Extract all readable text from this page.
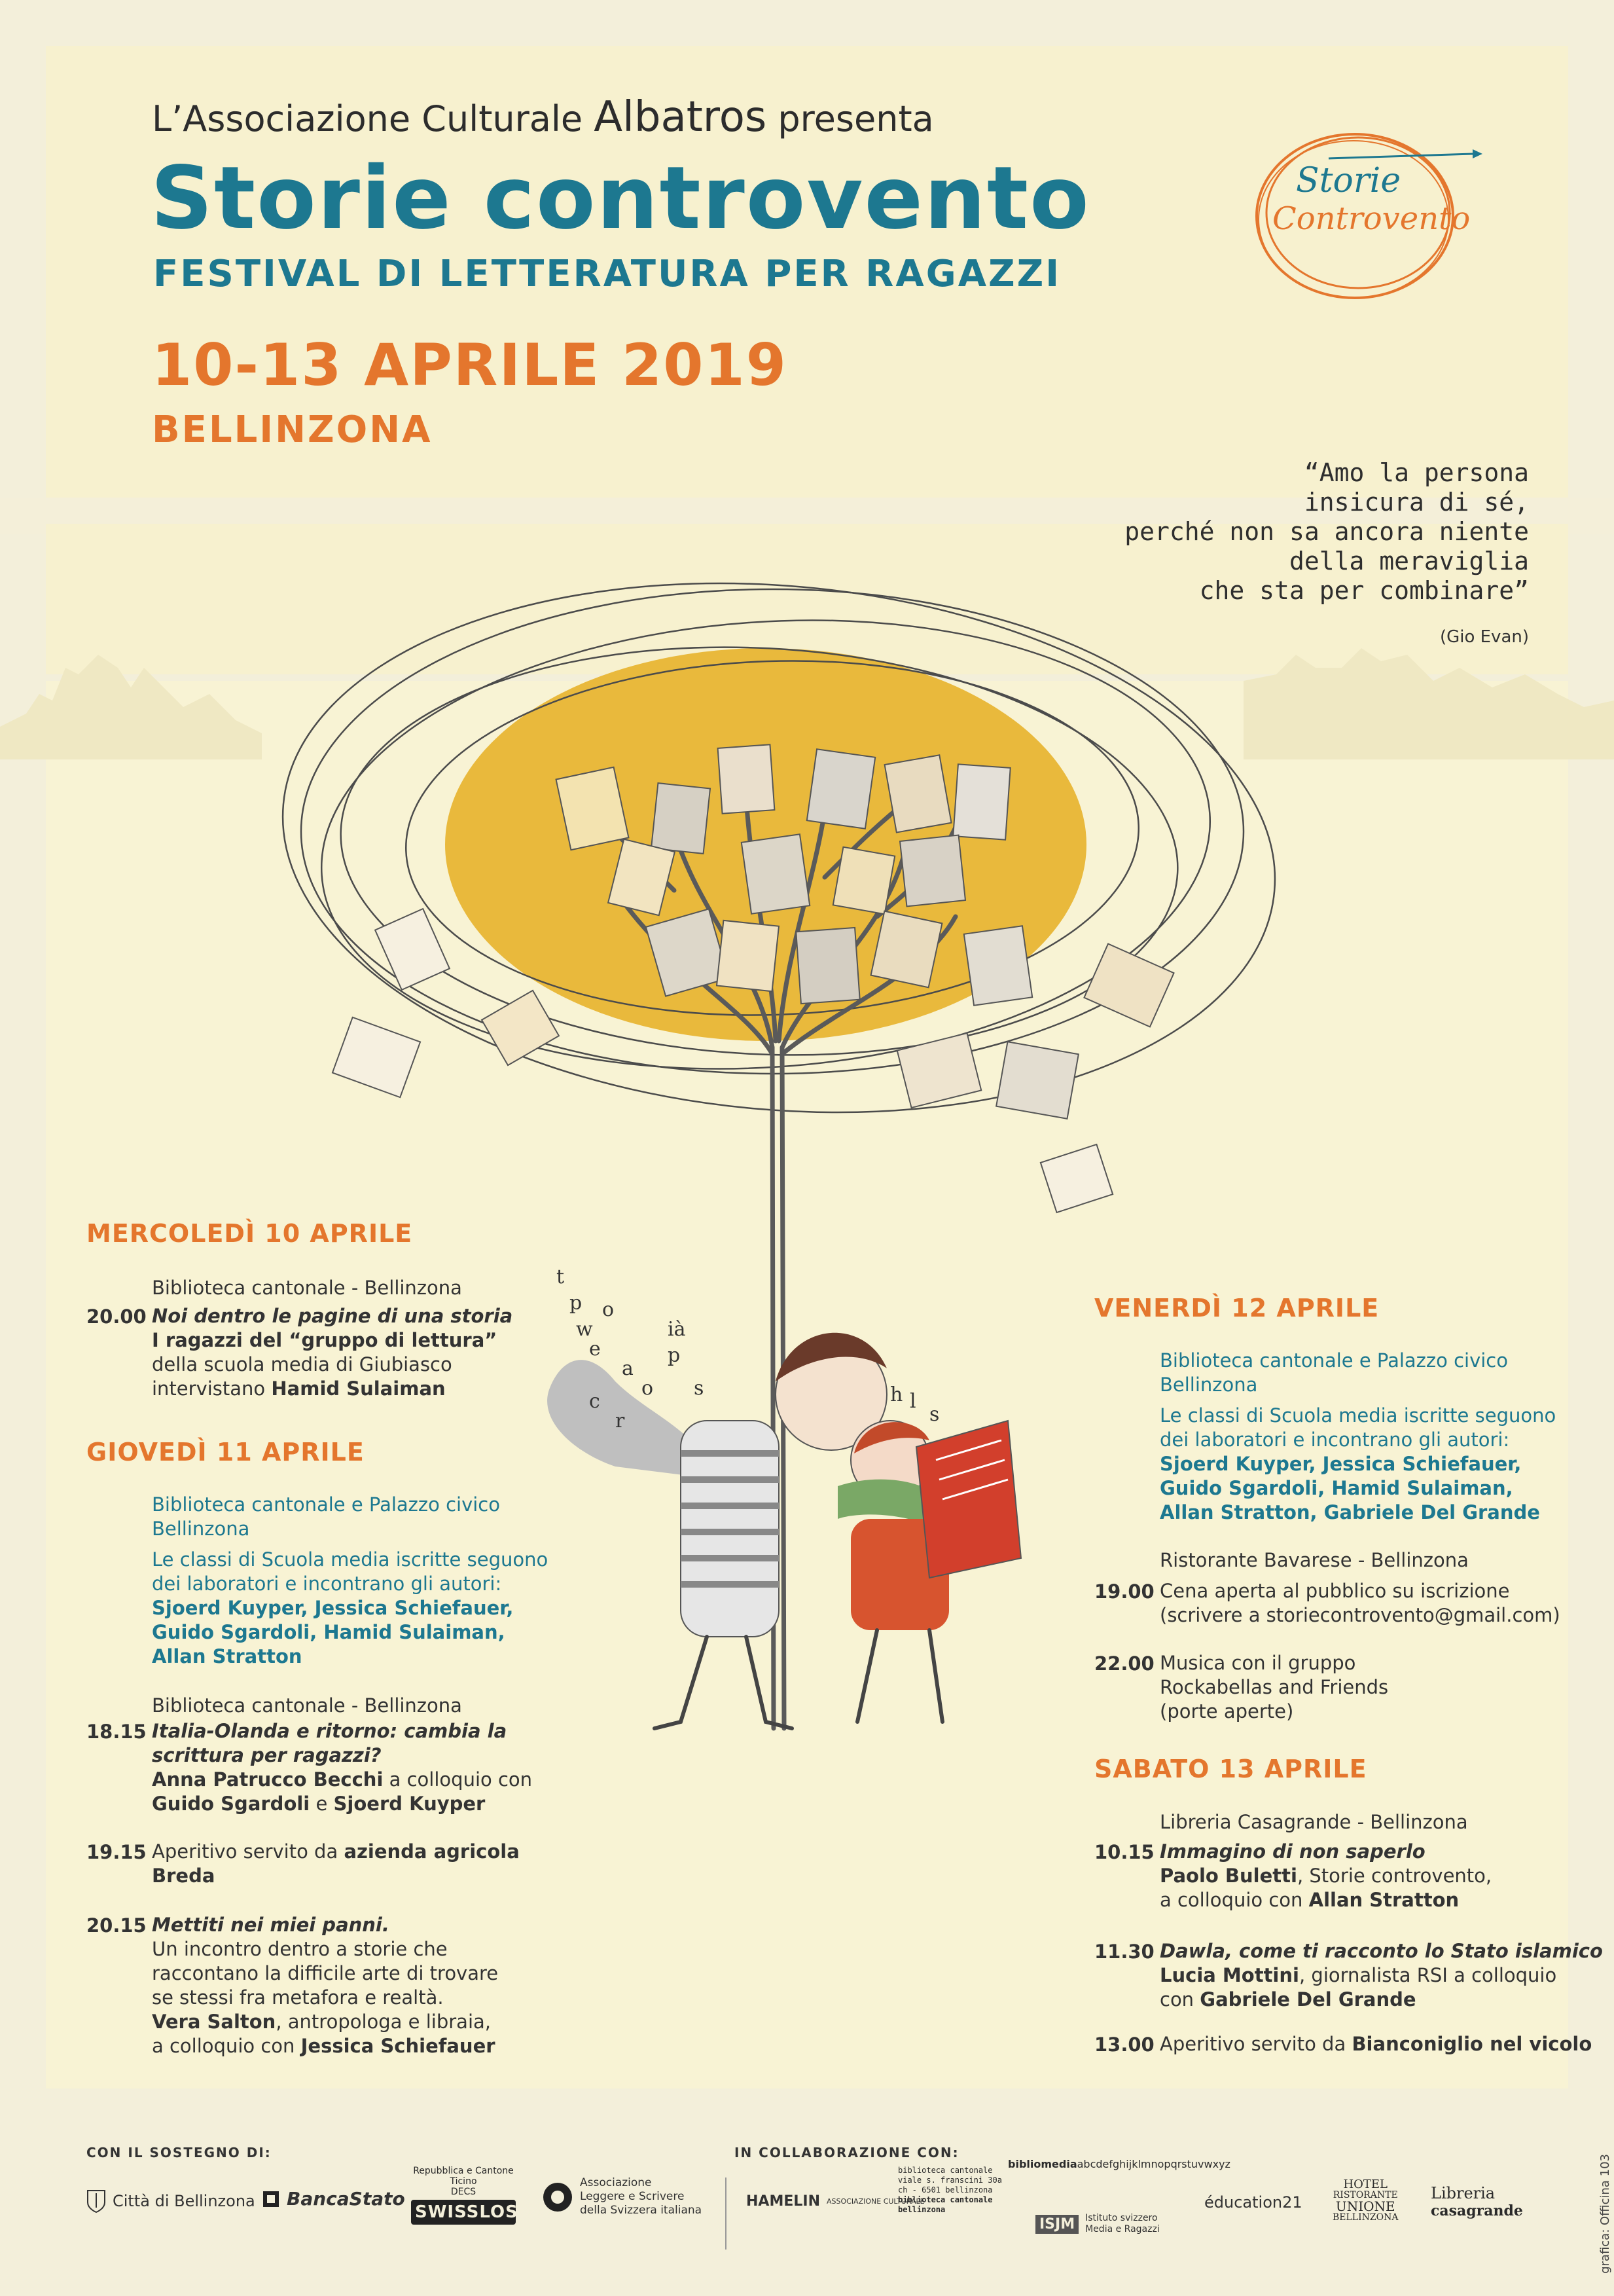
L’Associazione Culturale Albatros presenta
Storie controvento
FESTIVAL DI LETTERATURA PER RAGAZZI
10-13 APRILE 2019
BELLINZONA
Storie
Controvento
“Amo la persona
insicura di sé,
perché non sa ancora niente
della meraviglia
che sta per combinare”
(Gio Evan)
w
o
e
a
o
p
s
c
r
h l
s
p
t
ià
MERCOLEDÌ 10 APRILE
Biblioteca cantonale - Bellinzona
20.00 Noi dentro le pagine di una storia
I ragazzi del “gruppo di lettura”
della scuola media di Giubiasco
intervistano Hamid Sulaiman
GIOVEDÌ 11 APRILE
Biblioteca cantonale e Palazzo civico
Bellinzona
Le classi di Scuola media iscritte seguono
dei laboratori e incontrano gli autori:
Sjoerd Kuyper, Jessica Schiefauer,
Guido Sgardoli, Hamid Sulaiman,
Allan Stratton
Biblioteca cantonale - Bellinzona
18.15 Italia-Olanda e ritorno: cambia la
scrittura per ragazzi?
Anna Patrucco Becchi a colloquio con
Guido Sgardoli e Sjoerd Kuyper
19.15 Aperitivo servito da azienda agricola
Breda
20.15 Mettiti nei miei panni.
Un incontro dentro a storie che
raccontano la difficile arte di trovare
se stessi fra metafora e realtà.
Vera Salton, antropologa e libraia,
a colloquio con Jessica Schiefauer
VENERDÌ 12 APRILE
Biblioteca cantonale e Palazzo civico
Bellinzona
Le classi di Scuola media iscritte seguono
dei laboratori e incontrano gli autori:
Sjoerd Kuyper, Jessica Schiefauer,
Guido Sgardoli, Hamid Sulaiman,
Allan Stratton, Gabriele Del Grande
Ristorante Bavarese - Bellinzona
19.00 Cena aperta al pubblico su iscrizione
(scrivere a storiecontrovento@gmail.com)
22.00 Musica con il gruppo
Rockabellas and Friends
(porte aperte)
SABATO 13 APRILE
Libreria Casagrande - Bellinzona
10.15 Immagino di non saperlo
Paolo Buletti, Storie controvento,
a colloquio con Allan Stratton
11.30 Dawla, come ti racconto lo Stato islamico
Lucia Mottini, giornalista RSI a colloquio
con Gabriele Del Grande
13.00 Aperitivo servito da Bianconiglio nel vicolo
CON IL SOSTEGNO DI:	IN COLLABORAZIONE CON:
Città di Bellinzona BancaStato
Repubblica e Cantone Ticino
DECS
SWISSLOS
Associazione
Leggere e Scrivere
della Svizzera italiana
HAMELIN ASSOCIAZIONE CULTURALE
biblioteca cantonale
viale s. franscini 30a
ch - 6501 bellinzona
biblioteca cantonale
bellinzona
bibliomediaabcdefghijklmnopqrstuvwxyz
ISJM	Istituto svizzero
Media e Ragazzi
éducation21
HOTEL
RISTORANTE
UNIONE
BELLINZONA
Libreria
casagrande	grafica: Officina 103
